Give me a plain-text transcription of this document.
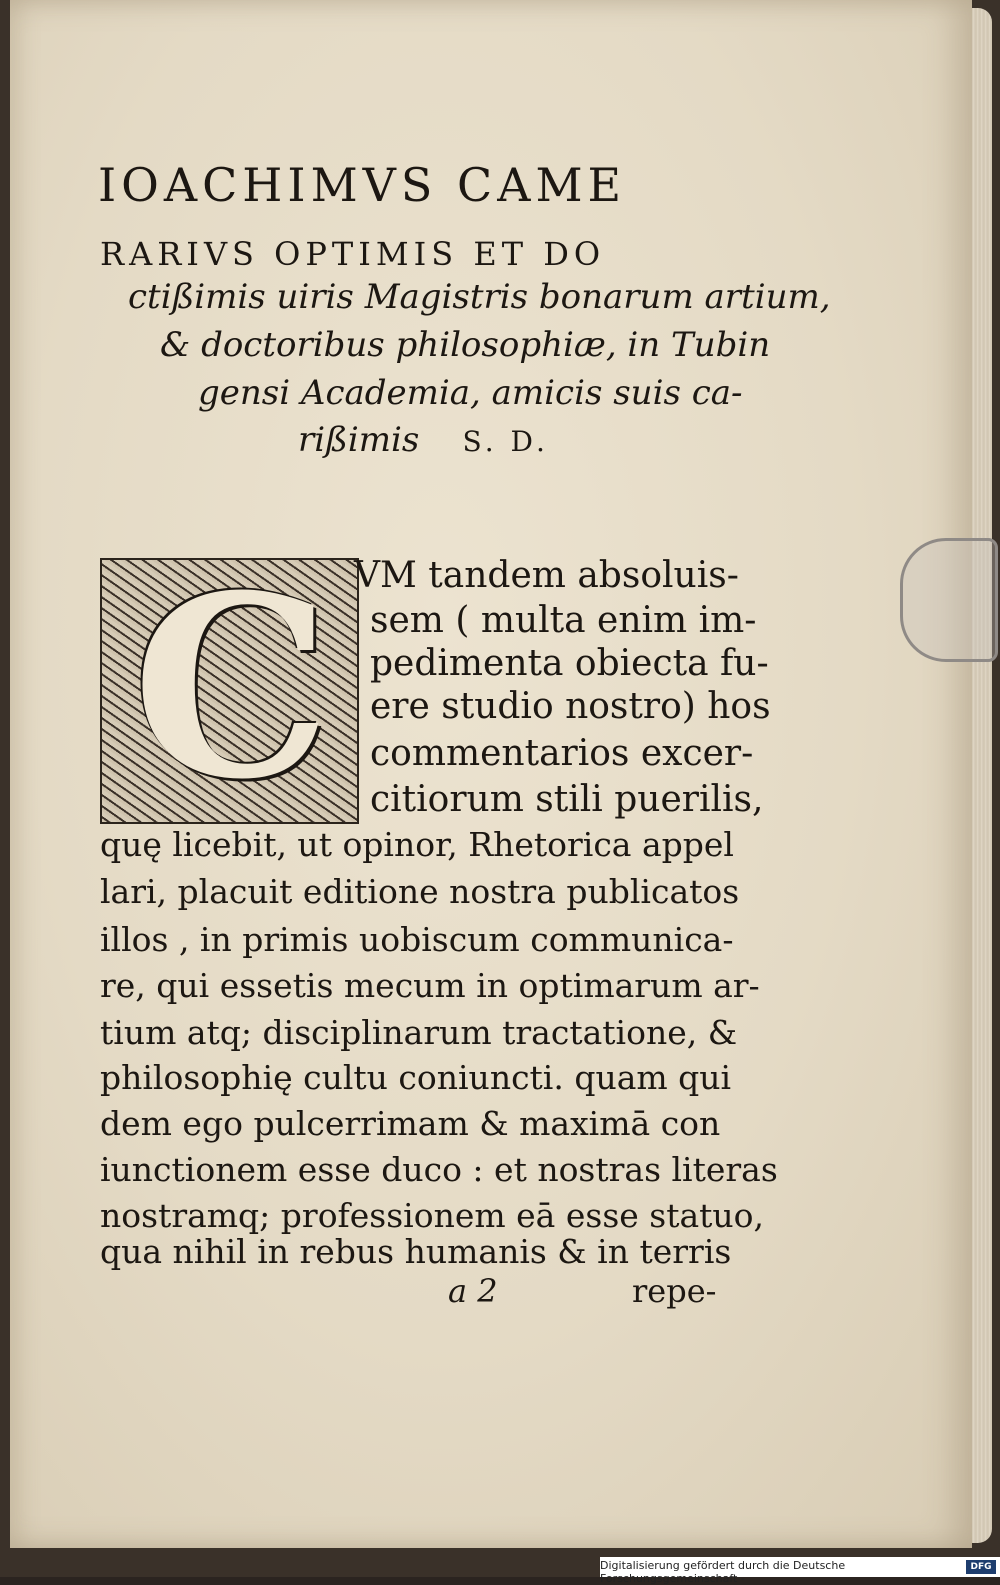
IOACHIMVS CAME
RARIVS OPTIMIS ET DO
ctißimis uiris Magistris bonarum artium,
& doctoribus philosophiæ, in Tubin
gensi Academia, amicis suis ca-
rißimis S. D.
C VM tandem absoluis-
sem ( multa enim im-
pedimenta obiecta fu-
ere studio nostro) hos
commentarios excer-
citiorum stili puerilis,
quę licebit, ut opinor, Rhetorica appel
lari, placuit editione nostra publicatos
illos , in primis uobiscum communica-
re, qui essetis mecum in optimarum ar-
tium atq; disciplinarum tractatione, &
philosophię cultu coniuncti. quam qui
dem ego pulcerrimam & maximā con
iunctionem esse duco : et nostras literas
nostramq; professionem eā esse statuo,
qua nihil in rebus humanis & in terris
a 2	repe-
Digitalisierung gefördert durch die Deutsche Forschungsgemeinschaft -
DFG
